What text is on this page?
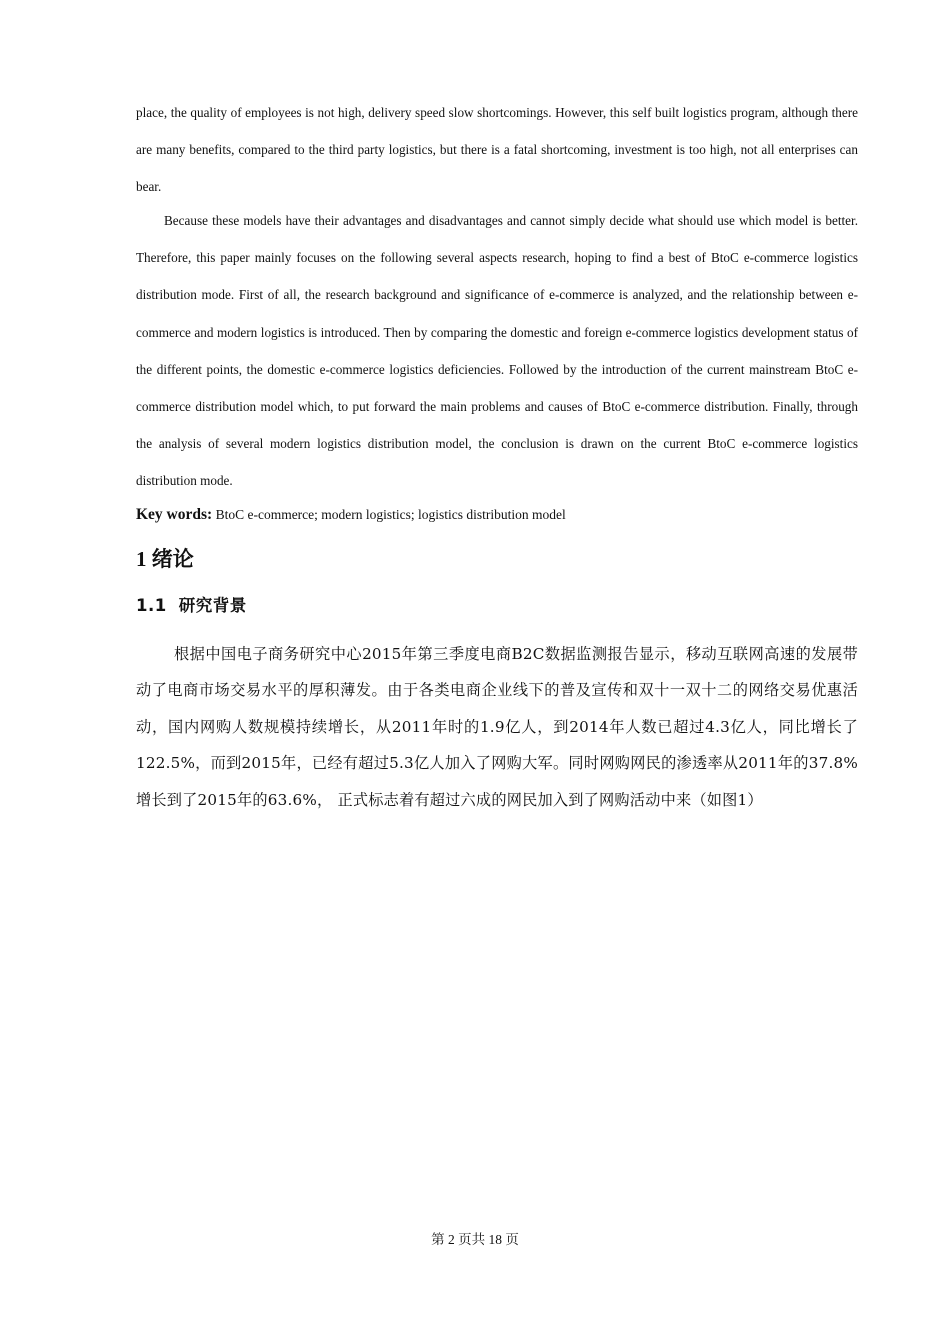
place, the quality of employees is not high, delivery speed slow shortcomings. However, this self built logistics program, although there are many benefits, compared to the third party logistics, but there is a fatal shortcoming, investment is too high, not all enterprises can bear.

Because these models have their advantages and disadvantages and cannot simply decide what should use which model is better. Therefore, this paper mainly focuses on the following several aspects research, hoping to find a best of BtoC e-commerce logistics distribution mode. First of all, the research background and significance of e-commerce is analyzed, and the relationship between e-commerce and modern logistics is introduced. Then by comparing the domestic and foreign e-commerce logistics development status of the different points, the domestic e-commerce logistics deficiencies. Followed by the introduction of the current mainstream BtoC e-commerce distribution model which, to put forward the main problems and causes of BtoC e-commerce distribution. Finally, through the analysis of several modern logistics distribution model, the conclusion is drawn on the current BtoC e-commerce logistics distribution mode.

Key words: BtoC e-commerce; modern logistics; logistics distribution model

1 绪论
1.1 研究背景

根据中国电子商务研究中心2015年第三季度电商B2C数据监测报告显示，移动互联网高速的发展带动了电商市场交易水平的厚积薄发。由于各类电商企业线下的普及宣传和双十一双十二的网络交易优惠活动，国内网购人数规模持续增长，从2011年时的1.9亿人，到2014年人数已超过4.3亿人，同比增长了122.5%，而到2015年，已经有超过5.3亿人加入了网购大军。同时网购网民的渗透率从2011年的37.8%增长到了2015年的63.6%， 正式标志着有超过六成的网民加入到了网购活动中来（如图1）

第 2 页共 18 页
